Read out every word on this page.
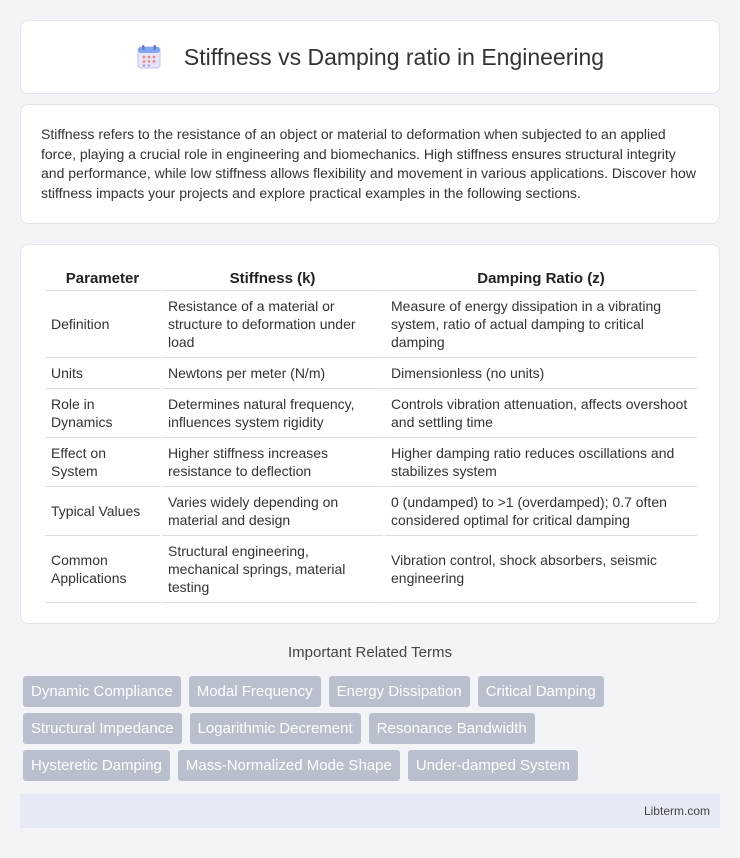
Stiffness vs Damping ratio in Engineering

Stiffness refers to the resistance of an object or material to deformation when subjected to an applied force, playing a crucial role in engineering and biomechanics. High stiffness ensures structural integrity and performance, while low stiffness allows flexibility and movement in various applications. Discover how stiffness impacts your projects and explore practical examples in the following sections.

Parameter	Stiffness (k)	Damping Ratio (z)
Definition	Resistance of a material or structure to deformation under load	Measure of energy dissipation in a vibrating system, ratio of actual damping to critical damping
Units	Newtons per meter (N/m)	Dimensionless (no units)
Role in Dynamics	Determines natural frequency, influences system rigidity	Controls vibration attenuation, affects overshoot and settling time
Effect on System	Higher stiffness increases resistance to deflection	Higher damping ratio reduces oscillations and stabilizes system
Typical Values	Varies widely depending on material and design	0 (undamped) to >1 (overdamped); 0.7 often considered optimal for critical damping
Common Applications	Structural engineering, mechanical springs, material testing	Vibration control, shock absorbers, seismic engineering
Important Related Terms
Dynamic Compliance	Modal Frequency	Energy Dissipation	Critical Damping
Structural Impedance	Logarithmic Decrement	Resonance Bandwidth
Hysteretic Damping	Mass-Normalized Mode Shape	Under-damped System
Libterm.com
